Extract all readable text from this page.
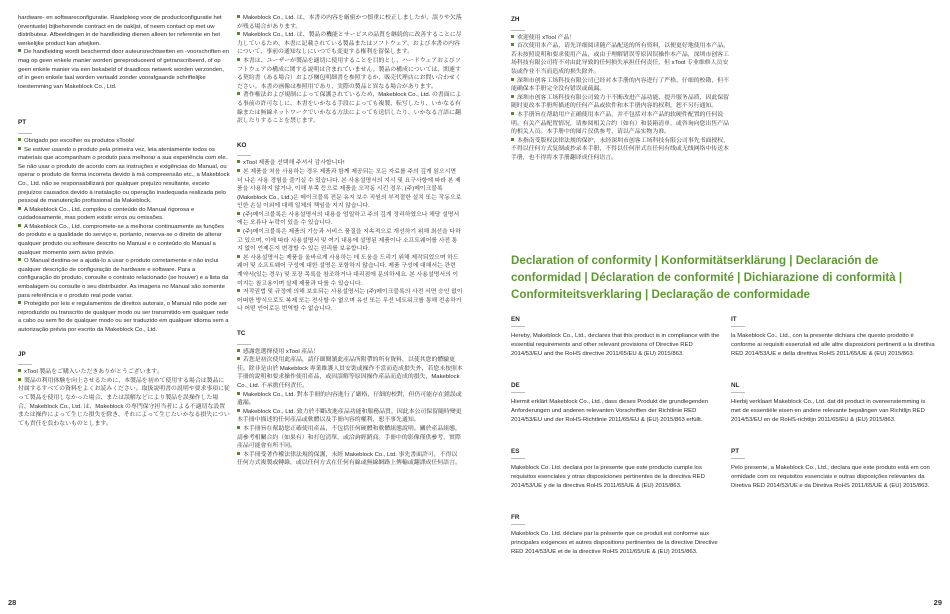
hardware- en softwareconfiguratie. Raadpleeg voor de productconfiguratie het (eventuele) bijbehorende contract en de oakljst, of neem contact op met uw distributeur. Afbeeldingen in de handleiding dienen alleen ter referentie en het werkelijke product kan afwijken.

De handleiding wordt beschermd door auteursrechtwetten en -voorschriften en mag op geen enkele manier worden gereproduceerd of getranscribeerd, of op geen enkele manier via een bekabeld of draadloos netwerk worden verzonden, of in geen enkele taal worden vertaald zonder voorafgaande schriftelijke toestemming van Makeblock Co., Ltd.

PT

Obrigado por escolher os produtos xTools!

Se estiver usando o produto pela primeira vez, leia atentamente todos os materiais que acompanham o produto para melhorar a sua experiência com ele. Se não usar o produto de acordo com as instruções e exigências do Manual, ou operar o produto de forma incorreta devido à má compreensão etc., a Makeblock Co., Ltd. não se responsabilizará por qualquer prejuízo resultante, exceto prejuízos causados devido à instalação ou operação inadequada realizada pelo pessoal de manutenção profissional da Makeblock.

A Makeblock Co., Ltd. compilou o conteúdo do Manual rigorosa e cuidadosamente, mas podem existir erros ou omissões.

A Makeblock Co., Ltd. compromete-se a melhorar continuamente as funções do produto e a qualidade do serviço e, portanto, reserva-se o direito de alterar qualquer produto ou software descrito no Manual e o conteúdo do Manual a qualquer momento sem aviso prévio.

O Manual destina-se a ajudá-lo a usar o produto corretamente e não inclui qualquer descrição de configuração de hardware e software. Para a configuração do produto, consulte o contrato relacionado (se houver) e a lista da embalagem ou consulte o seu distribuidor. As imagens no Manual são somente para referência e o produto real pode variar.

Protegido por leis e regulamentos de direitos autorais, o Manual não pode ser reproduzido ou transcrito de qualquer modo ou ser transmitido em qualquer rede a cabo ou sem fio de qualquer modo ou ser traduzido em qualquer idioma sem a autorização prévia por escrito da Makeblock Co., Ltd.

JP

xTool 製品をご購入いただきありがとうございます。

製品の利用体験を向上させるために、本製品を初めて使用する場合は製品に付属するすべての資料をよくお読みください。取扱説明書の説明や要求事項に従って製品を使用しなかった場合、または誤解などにより製品を誤操作した場合、Makeblock Co., Ltd. は、Makeblock の専門保守担当者による不適切な設置または操作によって生じた損失を除き、それによって生じたいかなる損失についても責任を負わないものとします。

Makeblock Co., Ltd. は、本書の内容を厳密かつ慎重に校正しましたが、誤りや欠落が残る場合があります。

Makeblock Co., Ltd. は、製品の機能とサービスの品質を継続的に改善することに尽力しているため、本書に記載されている製品またはソフトウェア、および本書の内容について、事前の通知なしにいつでも変更する権利を留保します。

本書は、ユーザーが製品を適切に使用することを目的とし、ハードウェアおよびソフトウェアの構成に関する説明は含まれていません。製品の構成については、関連する契約書（ある場合）および梱包明細書を参照するか、販売代理店にお問い合わせください。本書の画像は参照用であり、実際の製品と異なる場合があります。

著作権法および規制によって保護されているため、Makeblock Co., Ltd. の書面による事前の許可なしに、本書をいかなる手段によっても複製、転写したり、いかなる有線または無線ネットワークでいかなる方法によっても送信したり、いかなる言語に翻訳したりすることを禁じます。

KO

xTool 제품을 선택해 주셔서 감사합니다!

본 제품을 처음 사용하는 경우 제품과 함께 제공되는 모든 자료를 주의 깊게 읽으시면 더 나은 사용 경험을 즐기실 수 있습니다. 본 사용설명서의 지시 및 요구사항에 따라 본 제품을 사용하지 않거나, 이해 부족 등으로 제품을 오작동 시킨 경우, (주)메이크블록(Makeblock Co., Ltd.)은 메이크블록 전문 유지 보수 직원의 부적절한 설치 또는 작동으로 인한 손실 이외에 대해 일체의 책임을 지지 않습니다.

(주)메이크블록은 사용설명서의 내용을 엄밀하고 주의 깊게 정리하였으나 해당 설명서에는 오류나 누락이 있을 수 있습니다.

(주)메이크블록은 제품의 기능과 서비스 품질을 지속적으로 개선하기 위해 최선을 다하고 있으며, 이에 따라 사용설명서 및 여기 내용에 설명된 제품이나 소프트웨어를 사전 통지 없이 언제든지 변경할 수 있는 권리를 보유합니다.

본 사용설명서는 제품을 올바르게 사용하는 데 도움을 드리기 위해 제작되었으며 하드웨어 및 소프트웨어 구성에 대한 설명은 포함하지 않습니다. 제품 구성에 대해서는 관련 계약서(있는 경우) 및 포장 목록을 참조하거나 대리점에 문의하세요. 본 사용설명서의 이미지는 참고용이며 실제 제품과 다를 수 있습니다.

저작권법 및 규정에 의해 보호되는 사용설명서는 (주)메이크블록의 사전 서면 승인 없이 어떠한 방식으로도 복제 또는 전사할 수 없으며 유선 또는 무선 네트워크를 통해 전송하거나 어떤 언어로든 번역할 수 없습니다.

TC

感謝您選擇使用 xTool 產品！

若您是初次使用此產品，請仔細閱讀此產品所附帶的所有資料，以使其您的體驗更佳。除非是由於 Makeblock 專業維護人員安裝或操作不當而造成損失外，若您未按照本手冊的說明和要求操作使用產品，或因誤解等原因操作產品而造成的損失，Makeblock Co., Ltd. 不承擔任何責任。

Makeblock Co., Ltd. 對本手冊的內容進行了嚴格、仔細的校對，但仍可能存在錯誤或遺漏。

Makeblock Co., Ltd. 致力於不斷改進產品功能和服務品質，因此本公司保留隨時變更本手冊中描述的任何產品或軟體以及手冊內容的權利，恕不事先通知。

本手冊旨在幫助您正確使用產品，不包括任何硬體和軟體組態說明。關於產品組態，請參考相關合約（如果有）和打包清單，或洽詢經銷商。手冊中的影像僅供參考，實際產品可能會有所不同。

本手冊受著作權法律法規的保護，未經 Makeblock Co., Ltd. 事先書面許可，不得以任何方式複製或轉錄，或以任何方式在任何有線或無線網路上傳輸或翻譯成任何語言。

28
ZH

欢迎使用 xTool 产品！

首次使用本产品，请先详细阅读随产品配送的所有资料，以便更好地使用本产品。若未按照说明和要求使用产品，或由于理解错误等原因误操作本产品，深圳市创客工场科技有限公司将不对由此导致的任何损失承担任何责任，但 xTool 专业维修人员安装或作业不当而造成的损失除外。

深圳市创客工场科技有限公司已经对本手册的内容进行了严格、仔细的校勘，但不能确保本手册完全没有错误或疏漏。

深圳市创客工场科技有限公司致力于不断改进产品功能、提升服务品质，因此保留随时更改本手册所描述的任何产品或软件和本手册内容的权利，恕不另行通知。

本手册旨在帮助用户正确使用本产品，并不包括对本产品的软硬件配置的任何说明。有关产品配置情况，请参阅相关合约（如有）和装箱清单，或咨询向您出售产品的相关人员。本手册中的图片仅供参考，请以产品实物为准。

本指南受版权法律法规的保护，未经深圳市创客工场科技有限公司事先书面授权，不得以任何方式复制或抄录本手册，不得以任何形式在任何有线或无线网络中传送本手册，也不得将本手册翻译成任何语言。

Declaration of conformity | Konformitätserklärung | Declaración de conformidad | Déclaration de conformité | Dichiarazione di conformità | Conformiteitsverklaring | Declaração de conformidade
EN

Hereby, Makeblock Co., Ltd., declares that this product is in compliance with the essential requirements and other relevant provisions of Directive RED 2014/53/EU and the RoHS directive 2011/65/EU & (EU) 2015/863.

IT

la Makeblock Co., Ltd., con la presente dichiara che questo prodotto è conforme ai requisiti essenziali ed alle altre disposizioni pertinenti a la direttiva RED 2014/53/UE e della direttiva RoHS 2011/65/UE & (EU) 2015/863.

DE

Hiermit erklärt Makeblock Co., Ltd., dass dieses Produkt die grundlegenden Anforderungen und anderen relevanten Vorschriften der Richtlinie RED 2014/53/EU und der RoHS-Richtlinie 2011/65/EU & (EU) 2015/863 erfüllt.

NL

Hierbij verklaart Makeblock Co., Ltd. dat dit product in overeenstemming is met de essentiële eisen en andere relevante bepalingen van Richtlijn RED 2014/53/EU en de RoHS-richtlijn 2011/65/EU & (EU) 2015/863.

ES

Makeblock Co. Ltd. declara por la presente que este producto cumple los requisitos esenciales y otras disposiciones pertinentes de la directiva RED 2014/53/UE y de la directiva RoHS 2011/65/UE & (EU) 2015/863.

PT

Pelo presente, a Makeblock Co., Ltd., declara que este produto está em con ormidade com os requisitos essenciais e outras disposições relevantes da Diretiva RED 2014/53/UE e da Diretiva RoHS 2011/65/UE & (EU) 2015/863.

FR

Makeblock Co. Ltd. déclare par la présente que ce produit est conforme aux principales exigences et autres dispositions pertinentes de la directive Directive RED 2014/53/UE et de la directive RoHS 2011/65/UE & (EU) 2015/863.

29
